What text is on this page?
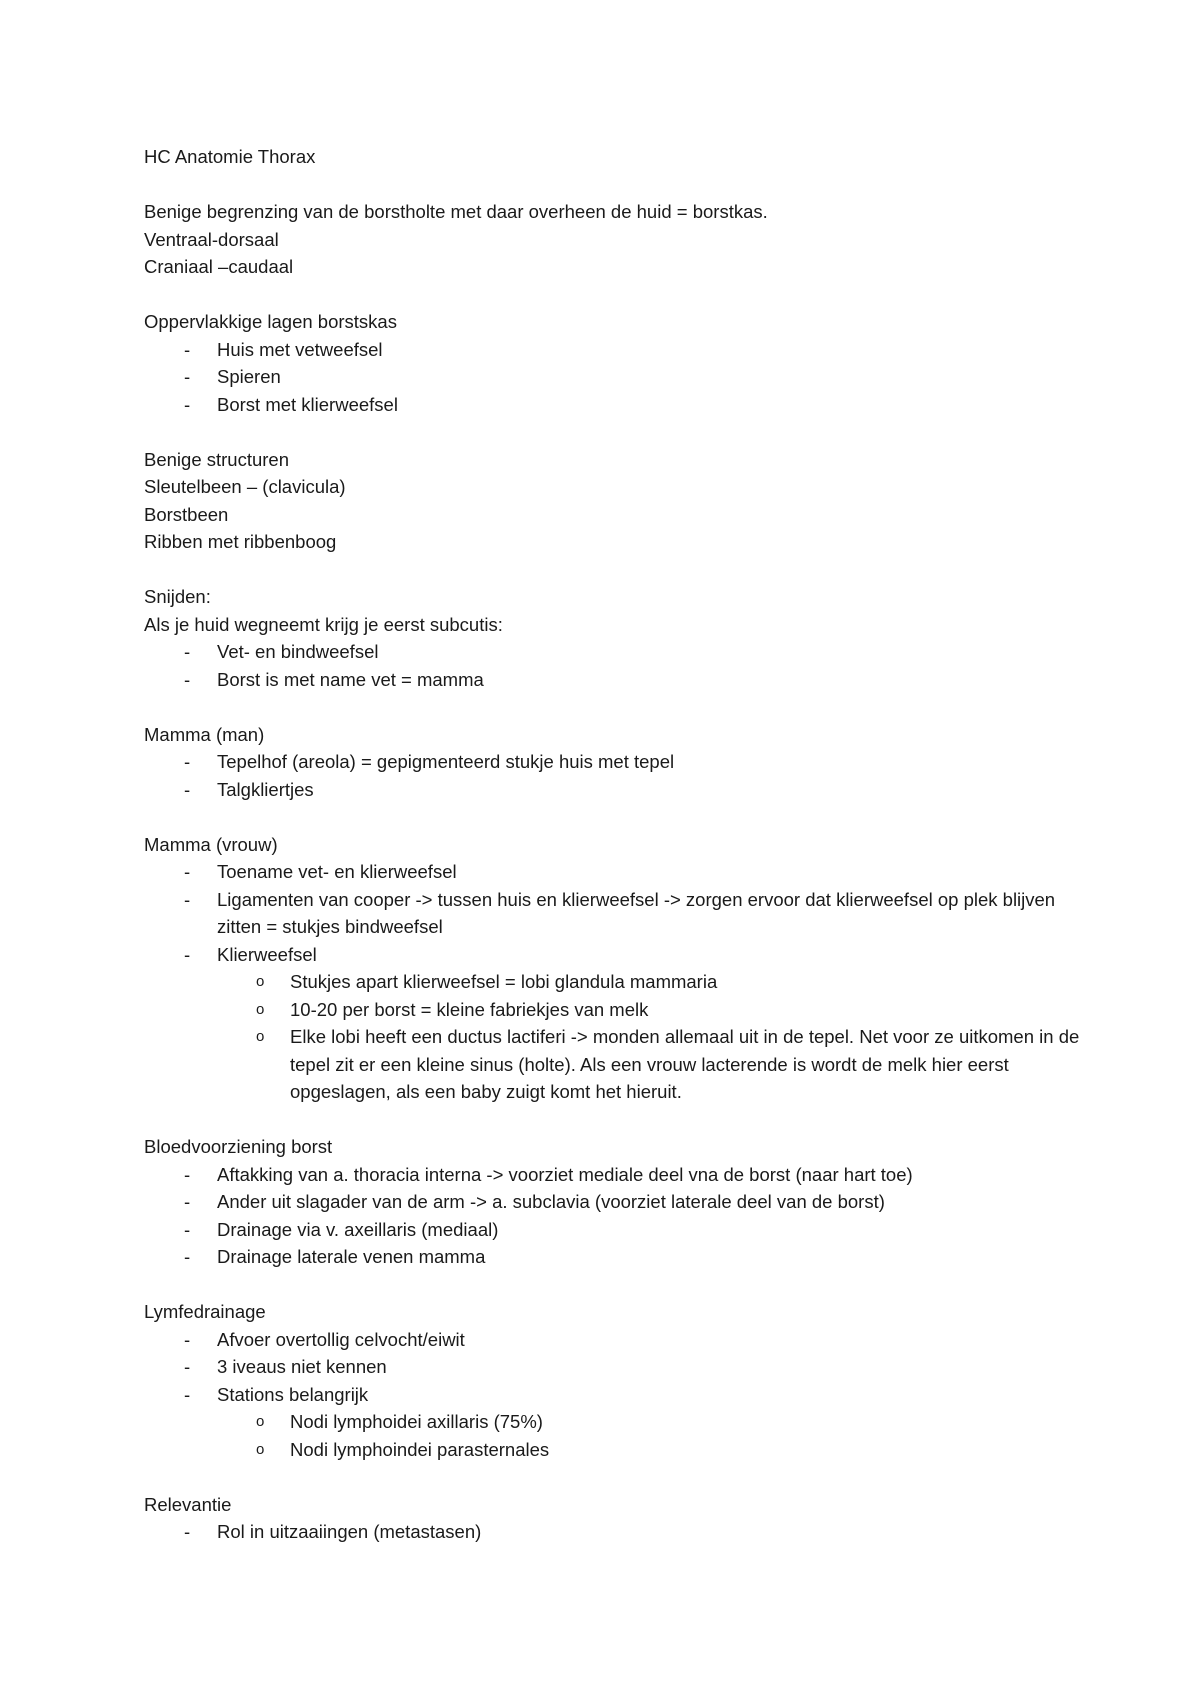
HC Anatomie Thorax

Benige begrenzing van de borstholte met daar overheen de huid = borstkas.

Ventraal-dorsaal

Craniaal –caudaal

Oppervlakkige lagen borstskas

- Huis met vetweefsel
- Spieren
- Borst met klierweefsel

Benige structuren

Sleutelbeen – (clavicula)

Borstbeen

Ribben met ribbenboog

Snijden:

Als je huid wegneemt krijg je eerst subcutis:

- Vet- en bindweefsel
- Borst is met name vet = mamma

Mamma (man)

- Tepelhof (areola) = gepigmenteerd stukje huis met tepel
- Talgkliertjes

Mamma (vrouw)

- Toename vet- en klierweefsel
- Ligamenten van cooper -> tussen huis en klierweefsel -> zorgen ervoor dat klierweefsel op plek blijven zitten = stukjes bindweefsel
- Klierweefsel
o Stukjes apart klierweefsel = lobi glandula mammaria
o 10-20 per borst = kleine fabriekjes van melk
o Elke lobi heeft een ductus lactiferi -> monden allemaal uit in de tepel. Net voor ze uitkomen in de tepel zit er een kleine sinus (holte). Als een vrouw lacterende is wordt de melk hier eerst opgeslagen, als een baby zuigt komt het hieruit.

Bloedvoorziening borst

- Aftakking van a. thoracia interna -> voorziet mediale deel vna de borst (naar hart toe)
- Ander uit slagader van de arm -> a. subclavia (voorziet laterale deel van de borst)
- Drainage via v. axeillaris (mediaal)
- Drainage laterale venen mamma

Lymfedrainage

- Afvoer overtollig celvocht/eiwit
- 3 iveaus niet kennen
- Stations belangrijk
o Nodi lymphoidei axillaris (75%)
o Nodi lymphoindei parasternales

Relevantie

- Rol in uitzaaiingen (metastasen)
